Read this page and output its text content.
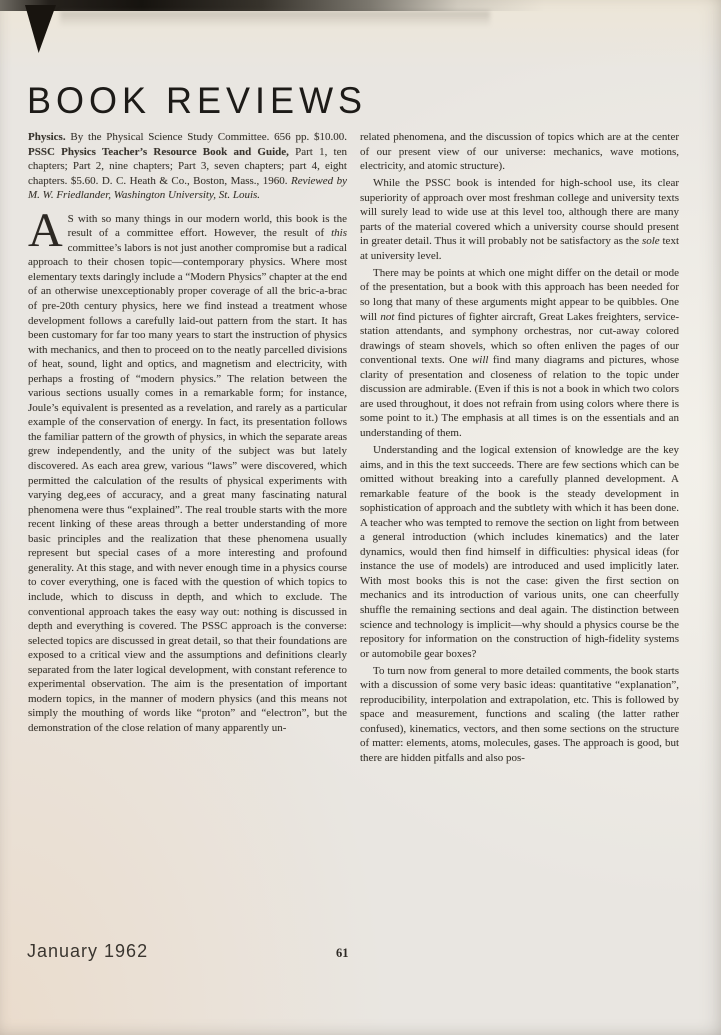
BOOK REVIEWS

Physics. By the Physical Science Study Committee. 656 pp. $10.00. PSSC Physics Teacher’s Resource Book and Guide, Part 1, ten chapters; Part 2, nine chapters; Part 3, seven chapters; part 4, eight chapters. $5.60. D. C. Heath & Co., Boston, Mass., 1960. Reviewed by M. W. Friedlander, Washington University, St. Louis.

A S with so many things in our modern world, this book is the result of a committee effort. However, the result of this committee’s labors is not just another compromise but a radical approach to their chosen topic—contemporary physics. Where most elementary texts daringly include a “Modern Physics” chapter at the end of an otherwise unexceptionably proper coverage of all the bric-a-brac of pre-20th century physics, here we find instead a treatment whose development follows a carefully laid-out pattern from the start. It has been customary for far too many years to start the instruction of physics with mechanics, and then to proceed on to the neatly parcelled divisions of heat, sound, light and optics, and magnetism and electricity, with perhaps a frosting of “modern physics.” The relation between the various sections usually comes in a remarkable form; for instance, Joule’s equivalent is presented as a revelation, and rarely as a particular example of the conservation of energy. In fact, its presentation follows the familiar pattern of the growth of physics, in which the separate areas grew independently, and the unity of the subject was but lately discovered. As each area grew, various “laws” were discovered, which permitted the calculation of the results of physical experiments with varying deg,ees of accuracy, and a great many fascinating natural phenomena were thus “explained”. The real trouble starts with the more recent linking of these areas through a better understanding of more basic principles and the realization that these phenomena usually represent but special cases of a more interesting and profound generality. At this stage, and with never enough time in a physics course to cover everything, one is faced with the question of which topics to include, which to discuss in depth, and which to exclude. The conventional approach takes the easy way out: nothing is discussed in depth and everything is covered. The PSSC approach is the converse: selected topics are discussed in great detail, so that their foundations are exposed to a critical view and the assumptions and definitions clearly separated from the later logical development, with constant reference to experimental observation. The aim is the presentation of important modern topics, in the manner of modern physics (and this means not simply the mouthing of words like “proton” and “electron”, but the demonstration of the close relation of many apparently un-

related phenomena, and the discussion of topics which are at the center of our present view of our universe: mechanics, wave motions, electricity, and atomic structure).

While the PSSC book is intended for high-school use, its clear superiority of approach over most freshman college and university texts will surely lead to wide use at this level too, although there are many parts of the material covered which a university course should present in greater detail. Thus it will probably not be satisfactory as the sole text at university level.

There may be points at which one might differ on the detail or mode of the presentation, but a book with this approach has been needed for so long that many of these arguments might appear to be quibbles. One will not find pictures of fighter aircraft, Great Lakes freighters, service-station attendants, and symphony orchestras, nor cut-away colored drawings of steam shovels, which so often enliven the pages of our conventional texts. One will find many diagrams and pictures, whose clarity of presentation and closeness of relation to the topic under discussion are admirable. (Even if this is not a book in which two colors are used throughout, it does not refrain from using colors where there is some point to it.) The emphasis at all times is on the essentials and an understanding of them.

Understanding and the logical extension of knowledge are the key aims, and in this the text succeeds. There are few sections which can be omitted without breaking into a carefully planned development. A remarkable feature of the book is the steady development in sophistication of approach and the subtlety with which it has been done. A teacher who was tempted to remove the section on light from between a general introduction (which includes kinematics) and the later dynamics, would then find himself in difficulties: physical ideas (for instance the use of models) are introduced and used implicitly later. With most books this is not the case: given the first section on mechanics and its introduction of various units, one can cheerfully shuffle the remaining sections and deal again. The distinction between science and technology is implicit—why should a physics course be the repository for information on the construction of high-fidelity systems or automobile gear boxes?

To turn now from general to more detailed comments, the book starts with a discussion of some very basic ideas: quantitative “explanation”, reproducibility, interpolation and extrapolation, etc. This is followed by space and measurement, functions and scaling (the latter rather confused), kinematics, vectors, and then some sections on the structure of matter: elements, atoms, molecules, gases. The approach is good, but there are hidden pitfalls and also pos-

January 1962	61
